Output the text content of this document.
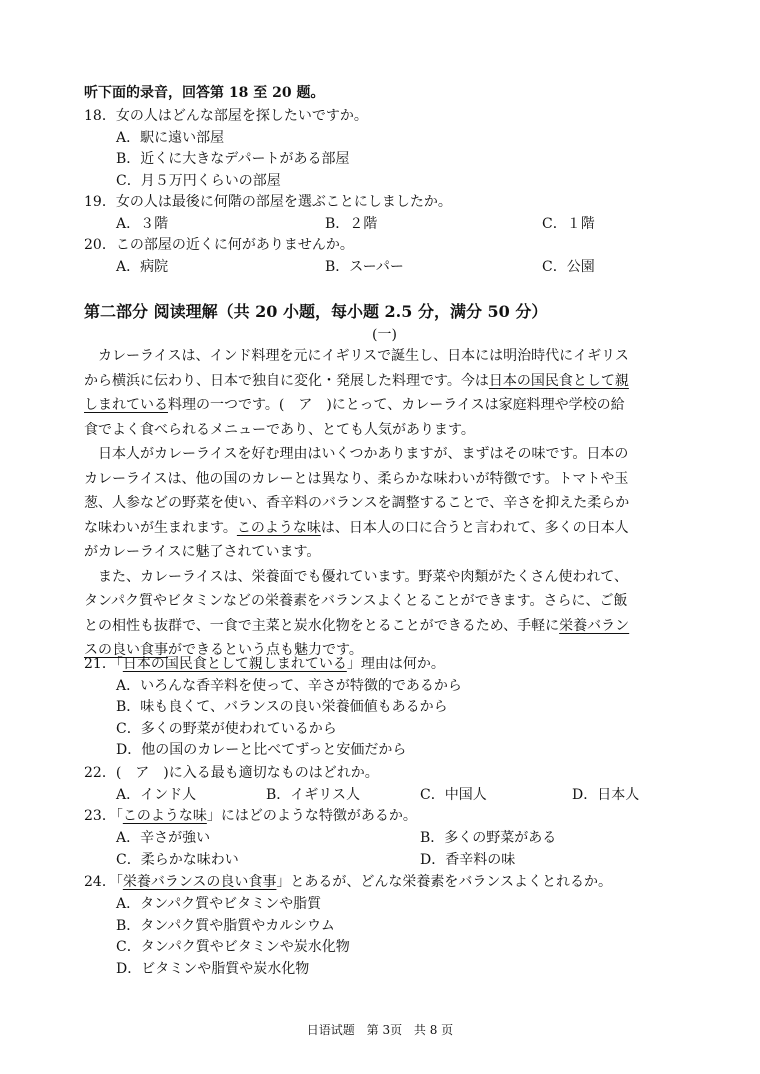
听下面的录音，回答第 18 至 20 题。
18．女の人はどんな部屋を探したいですか。
A．駅に遠い部屋
B．近くに大きなデパートがある部屋
C．月５万円くらいの部屋
19．女の人は最後に何階の部屋を選ぶことにしましたか。
A．３階	B．２階	C．１階
20．この部屋の近くに何がありませんか。
A．病院	B．スーパー	C．公園
第二部分 阅读理解（共 20 小题，每小题 2.5 分，满分 50 分）
(一)

カレーライスは、インド料理を元にイギリスで誕生し、日本には明治時代にイギリス

から横浜に伝わり、日本で独自に変化・発展した料理です。今は日本の国民食として親

しまれている料理の一つです。(　ア　)にとって、カレーライスは家庭料理や学校の給

食でよく食べられるメニューであり、とても人気があります。

日本人がカレーライスを好む理由はいくつかありますが、まずはその味です。日本の

カレーライスは、他の国のカレーとは異なり、柔らかな味わいが特徴です。トマトや玉

葱、人参などの野菜を使い、香辛料のバランスを調整することで、辛さを抑えた柔らか

な味わいが生まれます。このような味は、日本人の口に合うと言われて、多くの日本人

がカレーライスに魅了されています。

また、カレーライスは、栄養面でも優れています。野菜や肉類がたくさん使われて、

タンパク質やビタミンなどの栄養素をバランスよくとることができます。さらに、ご飯

との相性も抜群で、一食で主菜と炭水化物をとることができるため、手軽に栄養バラン

スの良い食事ができるという点も魅力です。

21．「日本の国民食として親しまれている」理由は何か。
A．いろんな香辛料を使って、辛さが特徴的であるから
B．味も良くて、バランスの良い栄養価値もあるから
C．多くの野菜が使われているから
D．他の国のカレーと比べてずっと安価だから
22．(　ア　)に入る最も適切なものはどれか。
A．インド人	B．イギリス人	C．中国人	D．日本人
23．「このような味」にはどのような特徴があるか。
A．辛さが強い	B．多くの野菜がある
C．柔らかな味わい	D．香辛料の味
24．「栄養バランスの良い食事」とあるが、どんな栄養素をバランスよくとれるか。
A．タンパク質やビタミンや脂質
B．タンパク質や脂質やカルシウム
C．タンパク質やビタミンや炭水化物
D．ビタミンや脂質や炭水化物
日语试题 第 3页 共 8 页
